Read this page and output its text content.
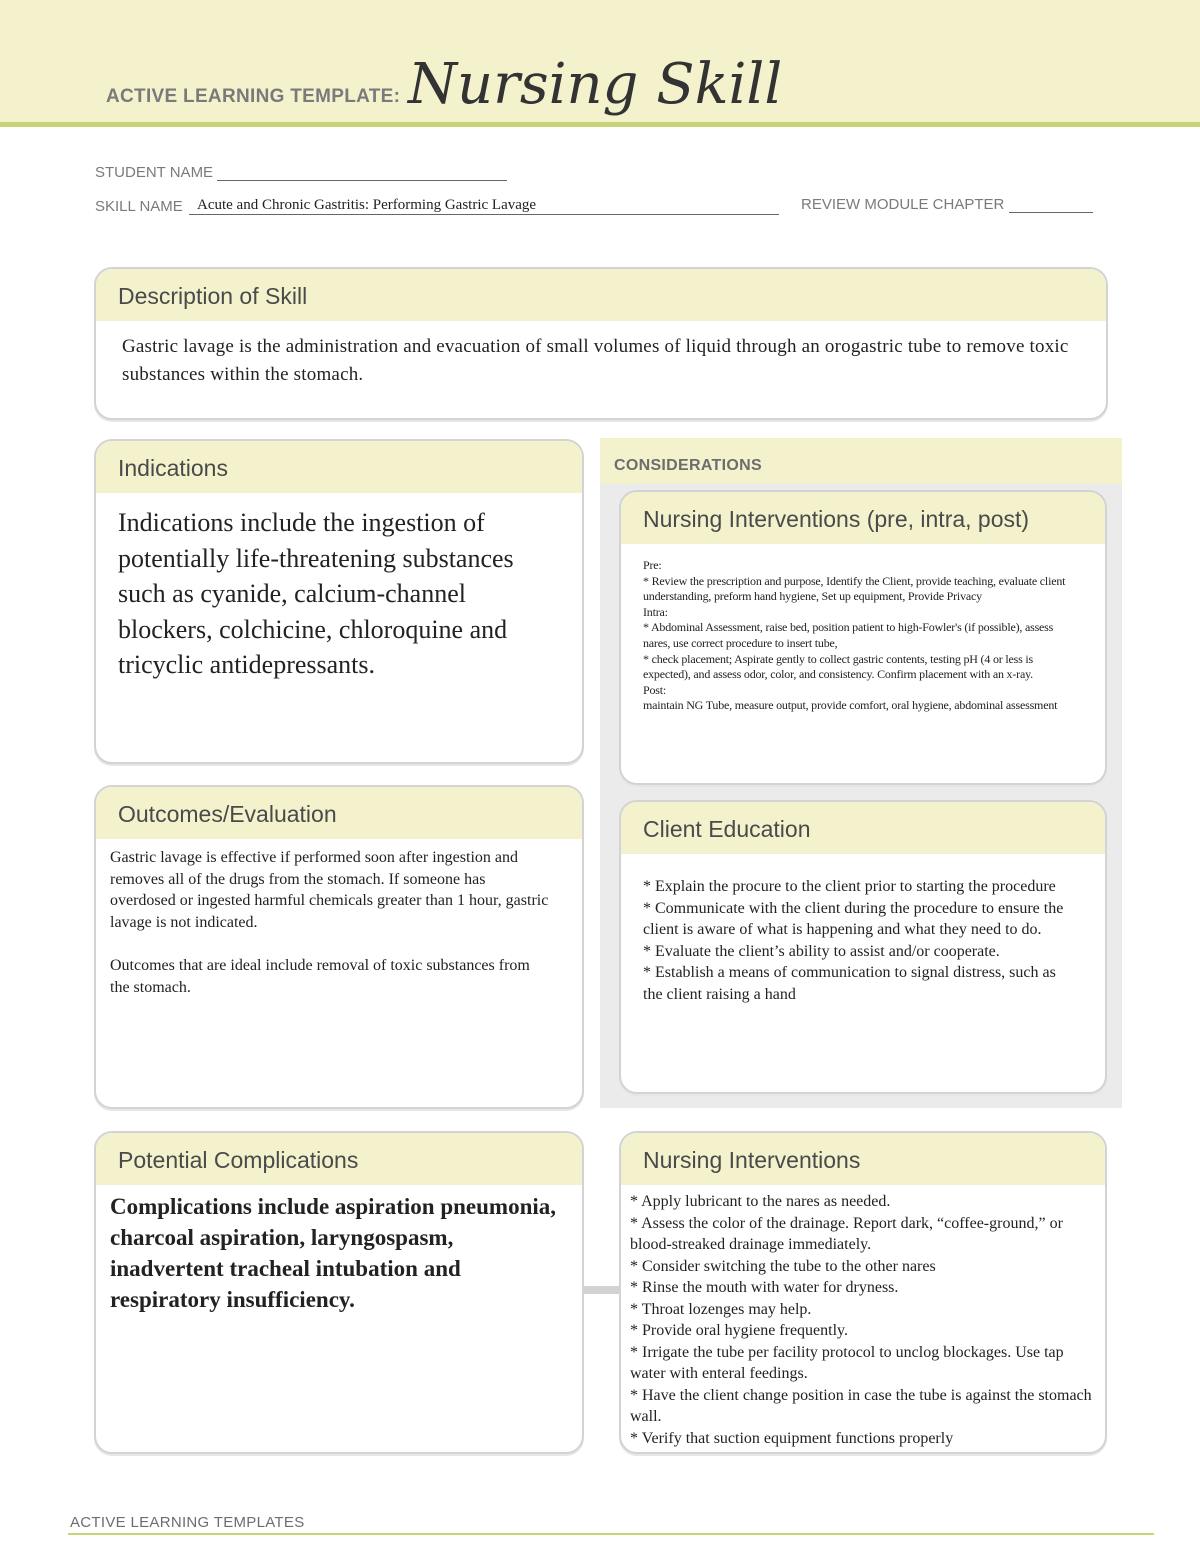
ACTIVE LEARNING TEMPLATE: Nursing Skill
STUDENT NAME
SKILL NAME Acute and Chronic Gastritis: Performing Gastric Lavage	REVIEW MODULE CHAPTER
Description of Skill
Gastric lavage is the administration and evacuation of small volumes of liquid through an orogastric tube to remove toxic substances within the stomach.
Indications
Indications include the ingestion of potentially life-threatening substances such as cyanide, calcium-channel blockers, colchicine, chloroquine and tricyclic antidepressants.
Outcomes/Evaluation

Gastric lavage is effective if performed soon after ingestion and removes all of the drugs from the stomach. If someone has overdosed or ingested harmful chemicals greater than 1 hour, gastric lavage is not indicated.

Outcomes that are ideal include removal of toxic substances from the stomach.

CONSIDERATIONS
Nursing Interventions (pre, intra, post)

Pre:

* Review the prescription and purpose, Identify the Client, provide teaching, evaluate client understanding, preform hand hygiene, Set up equipment, Provide Privacy

Intra:

* Abdominal Assessment, raise bed, position patient to high-Fowler's (if possible), assess nares, use correct procedure to insert tube,

* check placement; Aspirate gently to collect gastric contents, testing pH (4 or less is expected), and assess odor, color, and consistency. Confirm placement with an x-ray.

Post:

maintain NG Tube, measure output, provide comfort, oral hygiene, abdominal assessment

Client Education

* Explain the procure to the client prior to starting the procedure

* Communicate with the client during the procedure to ensure the client is aware of what is happening and what they need to do.

* Evaluate the client’s ability to assist and/or cooperate.

* Establish a means of communication to signal distress, such as the client raising a hand

Potential Complications
Complications include aspiration pneumonia, charcoal aspiration, laryngospasm, inadvertent tracheal intubation and respiratory insufficiency.
Nursing Interventions

* Apply lubricant to the nares as needed.

* Assess the color of the drainage. Report dark, “coffee-ground,” or blood-streaked drainage immediately.

* Consider switching the tube to the other nares

* Rinse the mouth with water for dryness.

* Throat lozenges may help.

* Provide oral hygiene frequently.

* Irrigate the tube per facility protocol to unclog blockages. Use tap water with enteral feedings.

* Have the client change position in case the tube is against the stomach wall.

* Verify that suction equipment functions properly

ACTIVE LEARNING TEMPLATES
